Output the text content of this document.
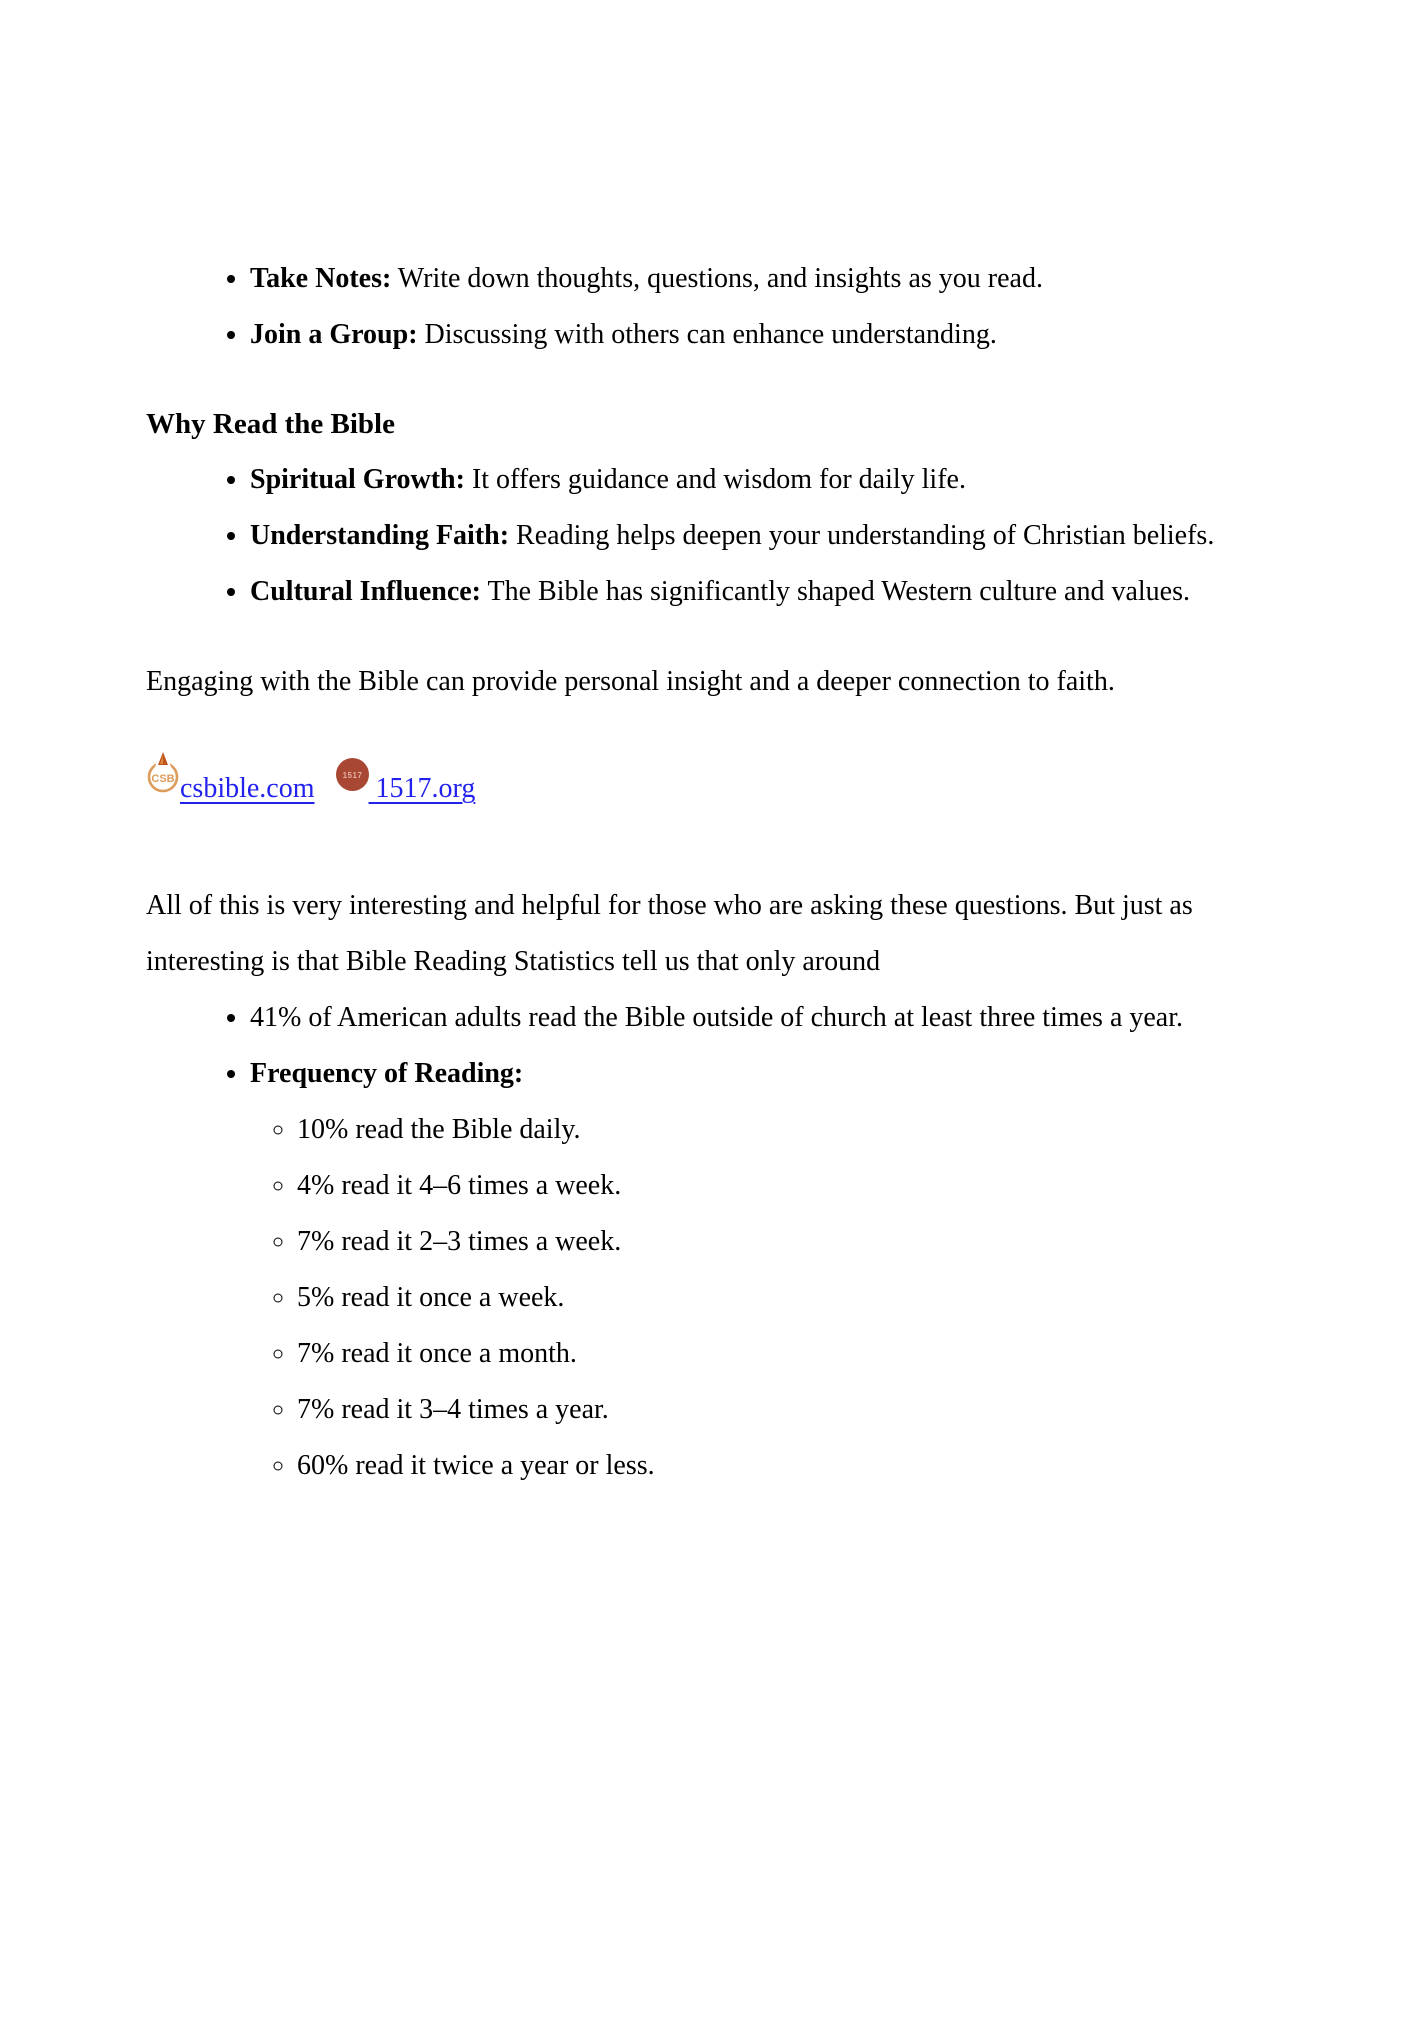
• Take Notes: Write down thoughts, questions, and insights as you read.
• Join a Group: Discussing with others can enhance understanding.

Why Read the Bible

• Spiritual Growth: It offers guidance and wisdom for daily life.
• Understanding Faith: Reading helps deepen your understanding of Christian beliefs.
• Cultural Influence: The Bible has significantly shaped Western culture and values.

Engaging with the Bible can provide personal insight and a deeper connection to faith.

CSB csbible.com	1517 1517.org

All of this is very interesting and helpful for those who are asking these questions. But just as interesting is that Bible Reading Statistics tell us that only around

• 41% of American adults read the Bible outside of church at least three times a year.
• Frequency of Reading:
◦ 10% read the Bible daily.
◦ 4% read it 4–6 times a week.
◦ 7% read it 2–3 times a week.
◦ 5% read it once a week.
◦ 7% read it once a month.
◦ 7% read it 3–4 times a year.
◦ 60% read it twice a year or less.
